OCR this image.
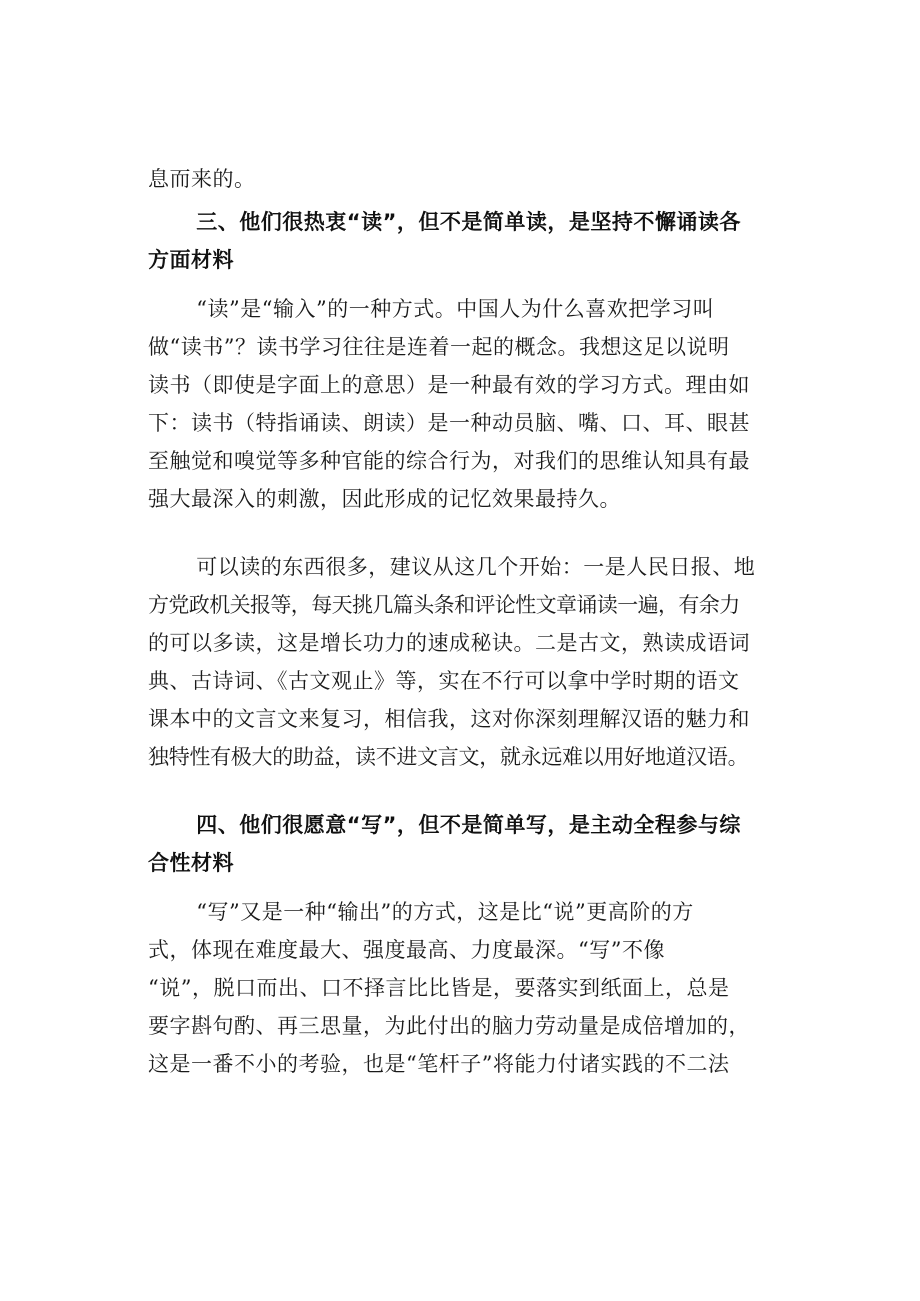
息而来的。

三、他们很热衷“读”，但不是简单读，是坚持不懈诵读各
方面材料

“读”是“输入”的一种方式。中国人为什么喜欢把学习叫
做“读书”？读书学习往往是连着一起的概念。我想这足以说明
读书（即使是字面上的意思）是一种最有效的学习方式。理由如
下：读书（特指诵读、朗读）是一种动员脑、嘴、口、耳、眼甚
至触觉和嗅觉等多种官能的综合行为，对我们的思维认知具有最
强大最深入的刺激，因此形成的记忆效果最持久。

可以读的东西很多，建议从这几个开始：一是人民日报、地
方党政机关报等，每天挑几篇头条和评论性文章诵读一遍，有余力
的可以多读，这是增长功力的速成秘诀。二是古文，熟读成语词
典、古诗词、《古文观止》等，实在不行可以拿中学时期的语文
课本中的文言文来复习，相信我，这对你深刻理解汉语的魅力和
独特性有极大的助益，读不进文言文，就永远难以用好地道汉语。

四、他们很愿意“写”，但不是简单写，是主动全程参与综
合性材料

“写”又是一种“输出”的方式，这是比“说”更高阶的方
式，体现在难度最大、强度最高、力度最深。“写”不像
“说”，脱口而出、口不择言比比皆是，要落实到纸面上，总是
要字斟句酌、再三思量，为此付出的脑力劳动量是成倍增加的，
这是一番不小的考验，也是“笔杆子”将能力付诸实践的不二法
